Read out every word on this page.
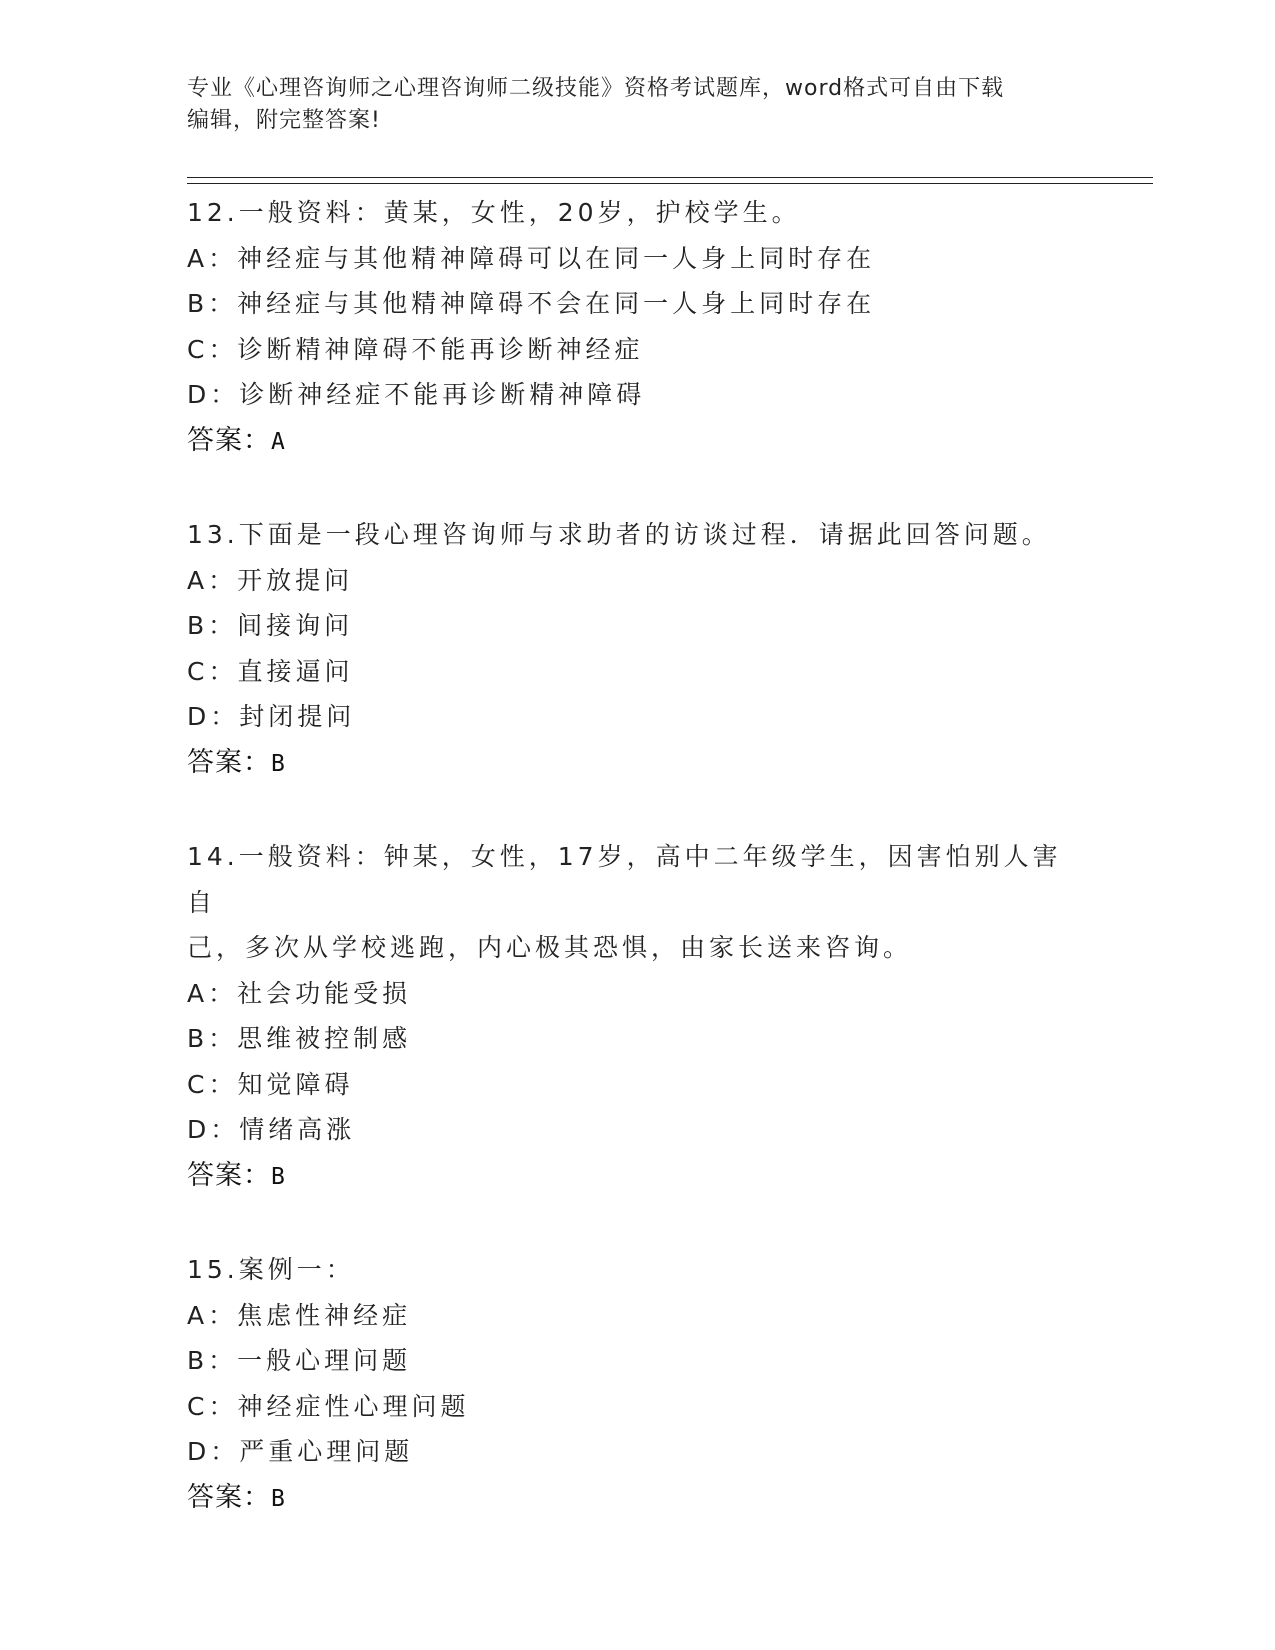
专业《心理咨询师之心理咨询师二级技能》资格考试题库，word格式可自由下载
编辑，附完整答案!

12.一般资料：黄某，女性，20岁，护校学生。

A：神经症与其他精神障碍可以在同一人身上同时存在

B：神经症与其他精神障碍不会在同一人身上同时存在

C：诊断精神障碍不能再诊断神经症

D：诊断神经症不能再诊断精神障碍

答案：A

13.下面是一段心理咨询师与求助者的访谈过程．请据此回答问题。

A：开放提问

B：间接询问

C：直接逼问

D：封闭提问

答案：B

14.一般资料：钟某，女性，17岁，高中二年级学生，因害怕别人害自

己，多次从学校逃跑，内心极其恐惧，由家长送来咨询。

A：社会功能受损

B：思维被控制感

C：知觉障碍

D：情绪高涨

答案：B

15.案例一：

A：焦虑性神经症

B：一般心理问题

C：神经症性心理问题

D：严重心理问题

答案：B
